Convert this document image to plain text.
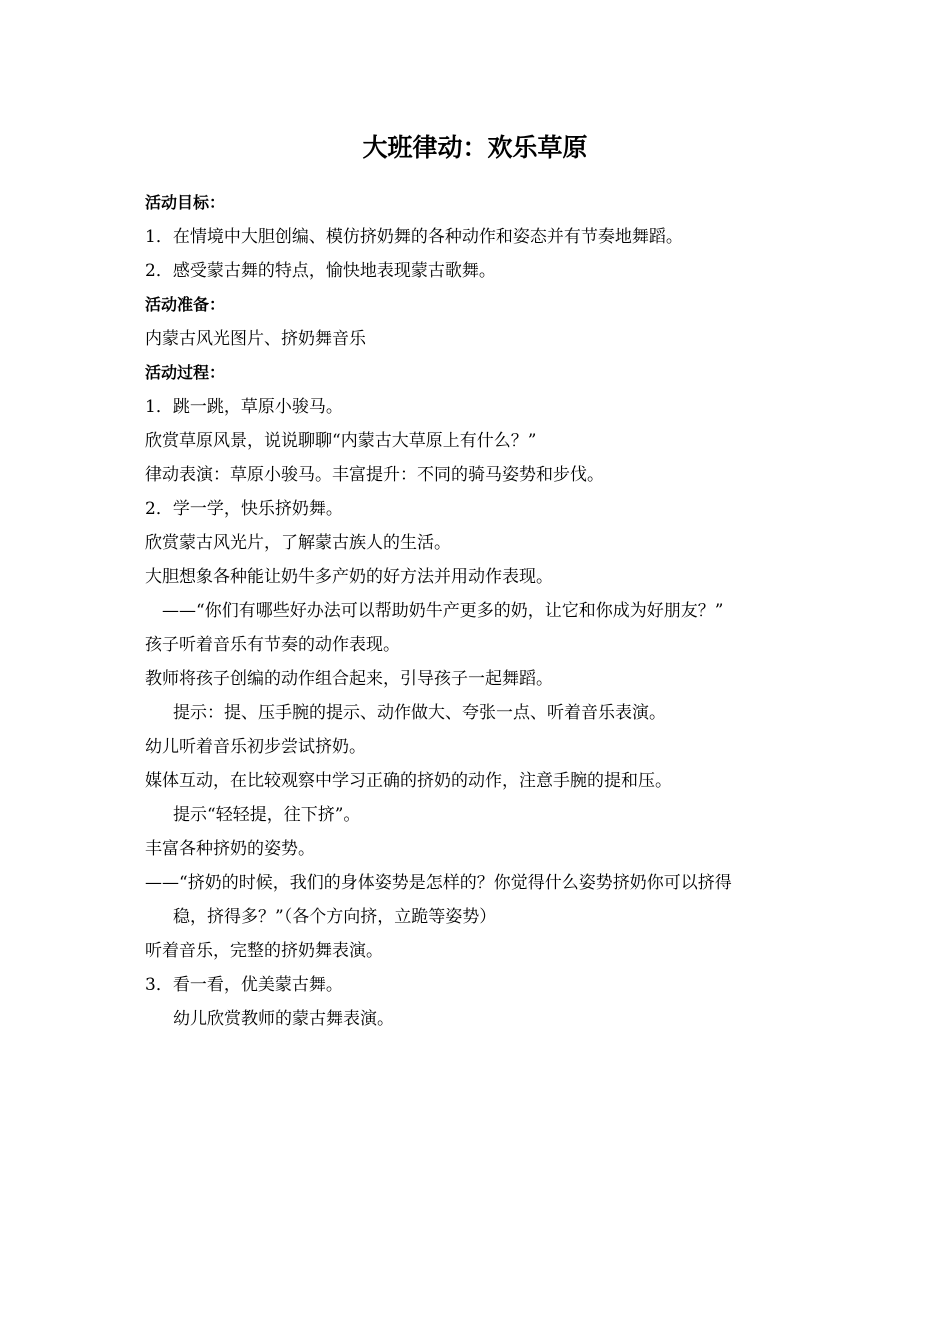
大班律动：欢乐草原

活动目标：

1．在情境中大胆创编、模仿挤奶舞的各种动作和姿态并有节奏地舞蹈。

2．感受蒙古舞的特点，愉快地表现蒙古歌舞。

活动准备：

内蒙古风光图片、挤奶舞音乐

活动过程：

1．跳一跳，草原小骏马。

欣赏草原风景，说说聊聊“内蒙古大草原上有什么？”

律动表演：草原小骏马。丰富提升：不同的骑马姿势和步伐。

2．学一学，快乐挤奶舞。

欣赏蒙古风光片，了解蒙古族人的生活。

大胆想象各种能让奶牛多产奶的好方法并用动作表现。

——“你们有哪些好办法可以帮助奶牛产更多的奶，让它和你成为好朋友？”

孩子听着音乐有节奏的动作表现。

教师将孩子创编的动作组合起来，引导孩子一起舞蹈。

提示：提、压手腕的提示、动作做大、夸张一点、听着音乐表演。

幼儿听着音乐初步尝试挤奶。

媒体互动，在比较观察中学习正确的挤奶的动作，注意手腕的提和压。

提示“轻轻提，往下挤”。

丰富各种挤奶的姿势。

——“挤奶的时候，我们的身体姿势是怎样的？你觉得什么姿势挤奶你可以挤得

稳，挤得多？”（各个方向挤，立跪等姿势）

听着音乐，完整的挤奶舞表演。

3．看一看，优美蒙古舞。

幼儿欣赏教师的蒙古舞表演。
